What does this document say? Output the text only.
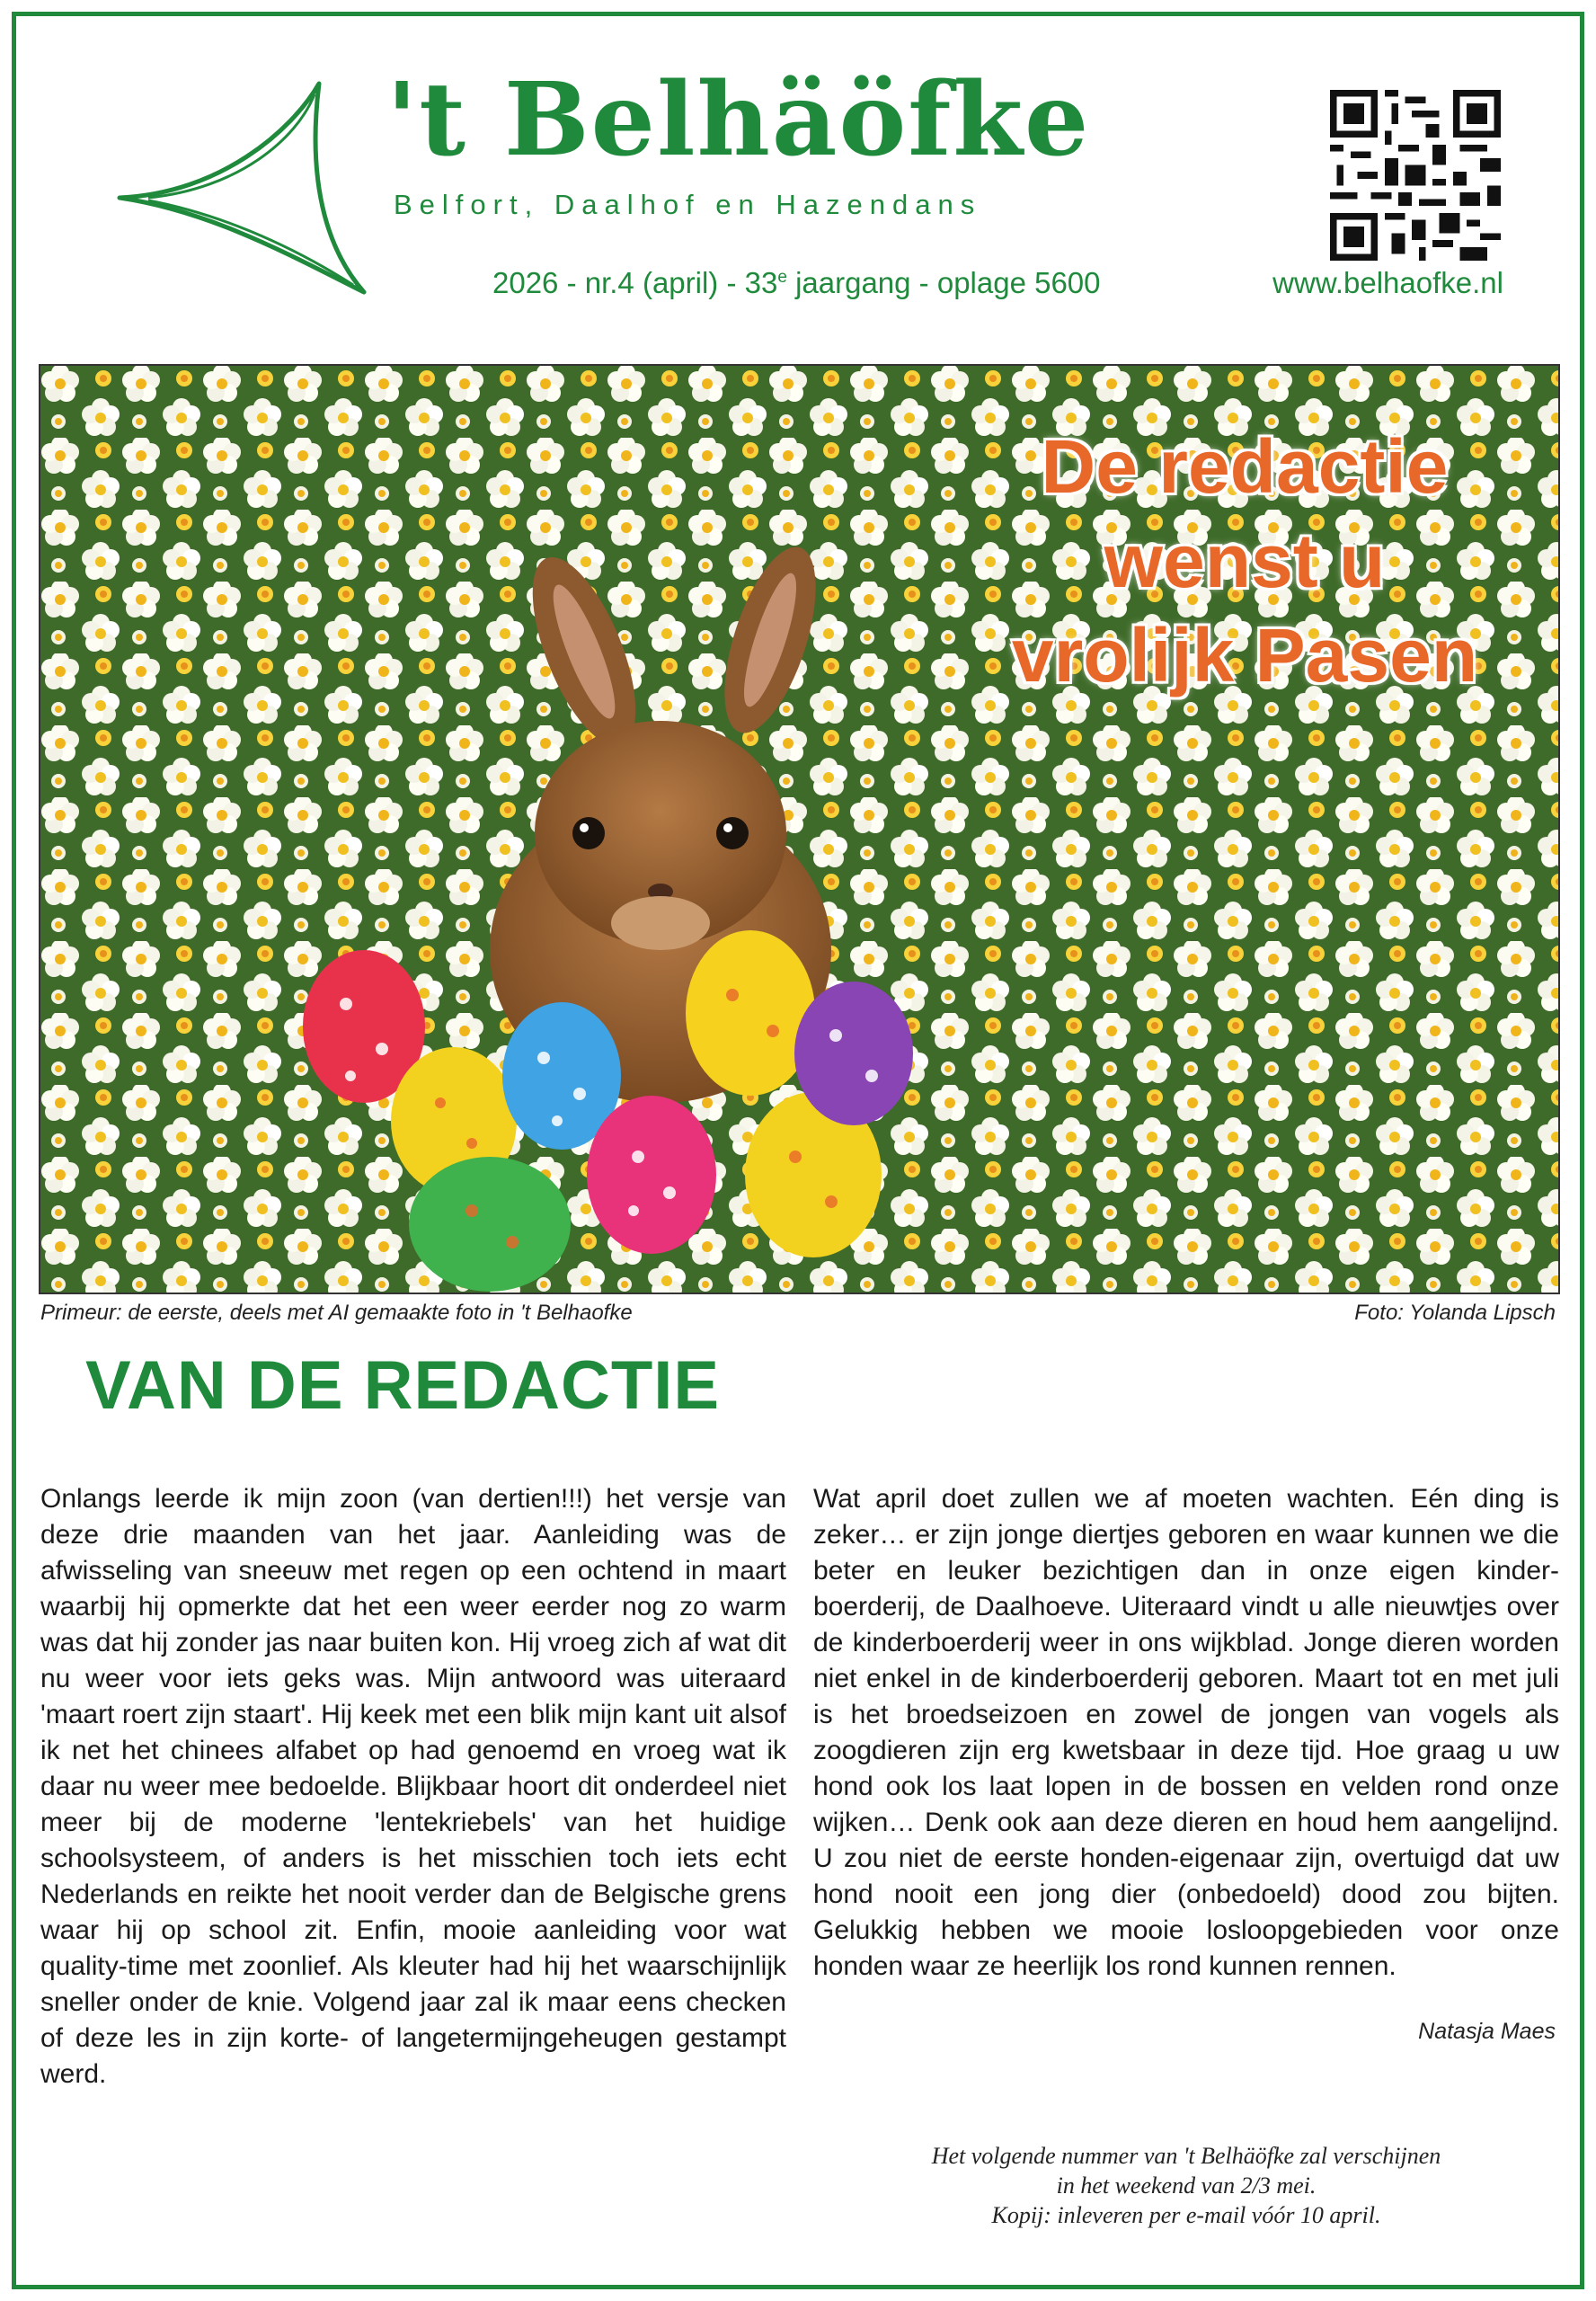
't Belhäöfke
Belfort, Daalhof en Hazendans
2026 - nr.4 (april) - 33e jaargang - oplage 5600	www.belhaofke.nl
De redactie
wenst u
vrolijk Pasen
Primeur: de eerste, deels met AI gemaakte foto in 't Belhaofke	Foto: Yolanda Lipsch
VAN DE REDACTIE
Onlangs leerde ik mijn zoon (van dertien!!!) het versje van deze drie maanden van het jaar. Aanleiding was de afwisseling van sneeuw met regen op een ochtend in maart waarbij hij opmerkte dat het een weer eerder nog zo warm was dat hij zonder jas naar buiten kon. Hij vroeg zich af wat dit nu weer voor iets geks was. Mijn antwoord was uiteraard 'maart roert zijn staart'. Hij keek met een blik mijn kant uit alsof ik net het chinees alfabet op had genoemd en vroeg wat ik daar nu weer mee bedoelde. Blijkbaar hoort dit onderdeel niet meer bij de moderne 'lentekriebels' van het huidige schoolsysteem, of anders is het misschien toch iets echt Nederlands en reikte het nooit verder dan de Belgische grens waar hij op school zit. Enfin, mooie aanleiding voor wat quality-time met zoonlief. Als kleuter had hij het waarschijnlijk sneller onder de knie. Volgend jaar zal ik maar eens checken of deze les in zijn korte- of langetermijngeheugen gestampt werd.
Wat april doet zullen we af moeten wachten. Eén ding is zeker… er zijn jonge diertjes geboren en waar kunnen we die beter en leuker bezichtigen dan in onze eigen kinder-boerderij, de Daalhoeve. Uiteraard vindt u alle nieuwtjes over de kinderboerderij weer in ons wijkblad. Jonge dieren worden niet enkel in de kinderboerderij geboren. Maart tot en met juli is het broedseizoen en zowel de jongen van vogels als zoogdieren zijn erg kwetsbaar in deze tijd. Hoe graag u uw hond ook los laat lopen in de bossen en velden rond onze wijken… Denk ook aan deze dieren en houd hem aangelijnd. U zou niet de eerste honden-eigenaar zijn, overtuigd dat uw hond nooit een jong dier (onbedoeld) dood zou bijten. Gelukkig hebben we mooie losloopgebieden voor onze honden waar ze heerlijk los rond kunnen rennen.
Natasja Maes
Het volgende nummer van 't Belhäöfke zal verschijnen
in het weekend van 2/3 mei.
Kopij: inleveren per e-mail vóór 10 april.
